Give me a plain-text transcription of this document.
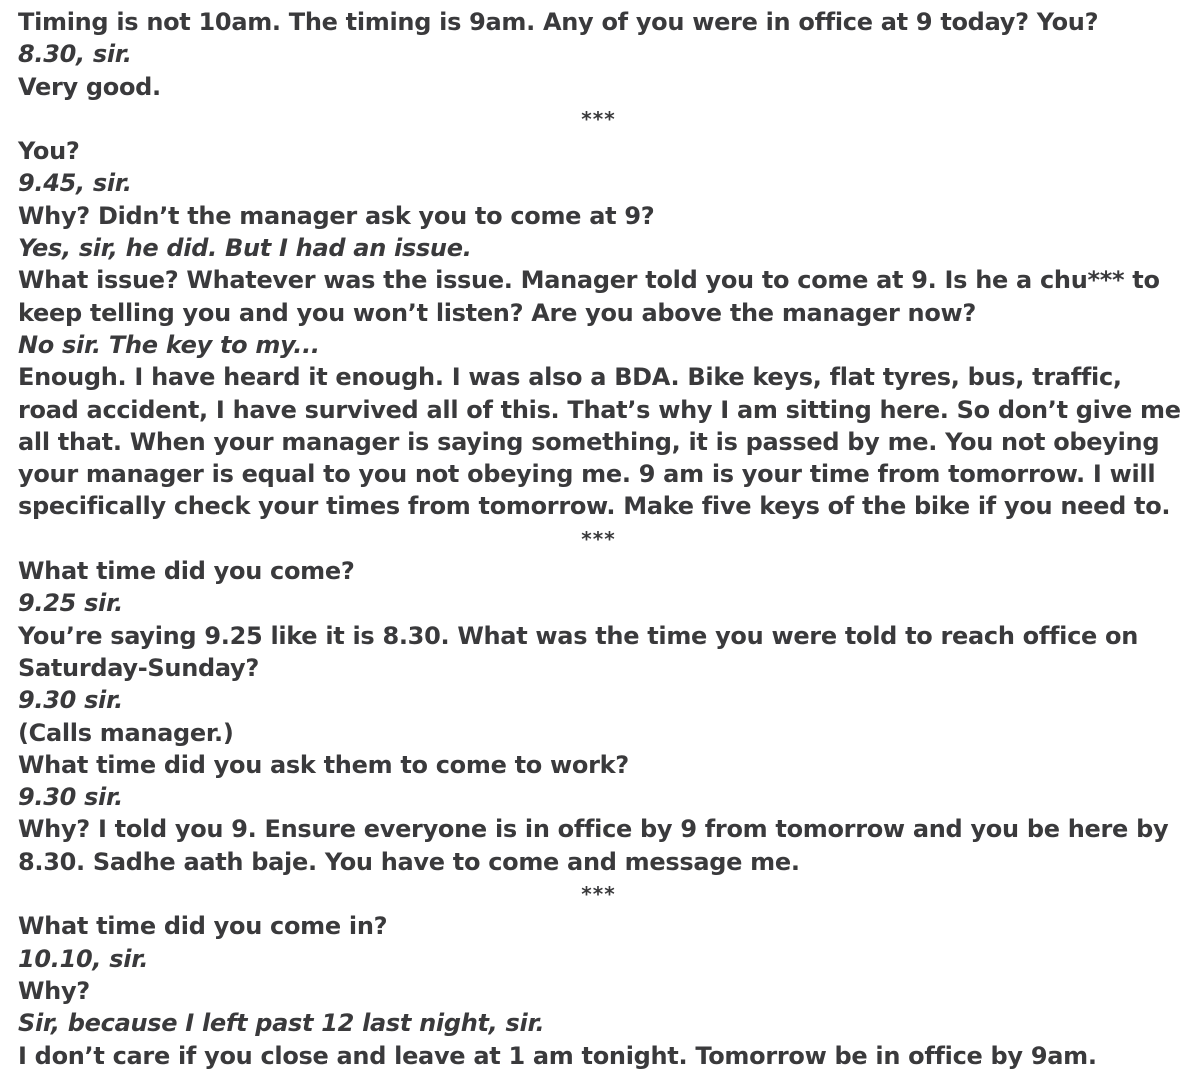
Timing is not 10am. The timing is 9am. Any of you were in office at 9 today? You?

8.30, sir.

Very good.

***

You?

9.45, sir.

Why? Didn’t the manager ask you to come at 9?

Yes, sir, he did. But I had an issue.

What issue? Whatever was the issue. Manager told you to come at 9. Is he a chu*** to keep telling you and you won’t listen? Are you above the manager now?

No sir. The key to my...

Enough. I have heard it enough. I was also a BDA. Bike keys, flat tyres, bus, traffic, road accident, I have survived all of this. That’s why I am sitting here. So don’t give me all that. When your manager is saying something, it is passed by me. You not obeying your manager is equal to you not obeying me. 9 am is your time from tomorrow. I will specifically check your times from tomorrow. Make five keys of the bike if you need to.

***

What time did you come?

9.25 sir.

You’re saying 9.25 like it is 8.30. What was the time you were told to reach office on Saturday-Sunday?

9.30 sir.

(Calls manager.)

What time did you ask them to come to work?

9.30 sir.

Why? I told you 9. Ensure everyone is in office by 9 from tomorrow and you be here by 8.30. Sadhe aath baje. You have to come and message me.

***

What time did you come in?

10.10, sir.

Why?

Sir, because I left past 12 last night, sir.

I don’t care if you close and leave at 1 am tonight. Tomorrow be in office by 9am.
